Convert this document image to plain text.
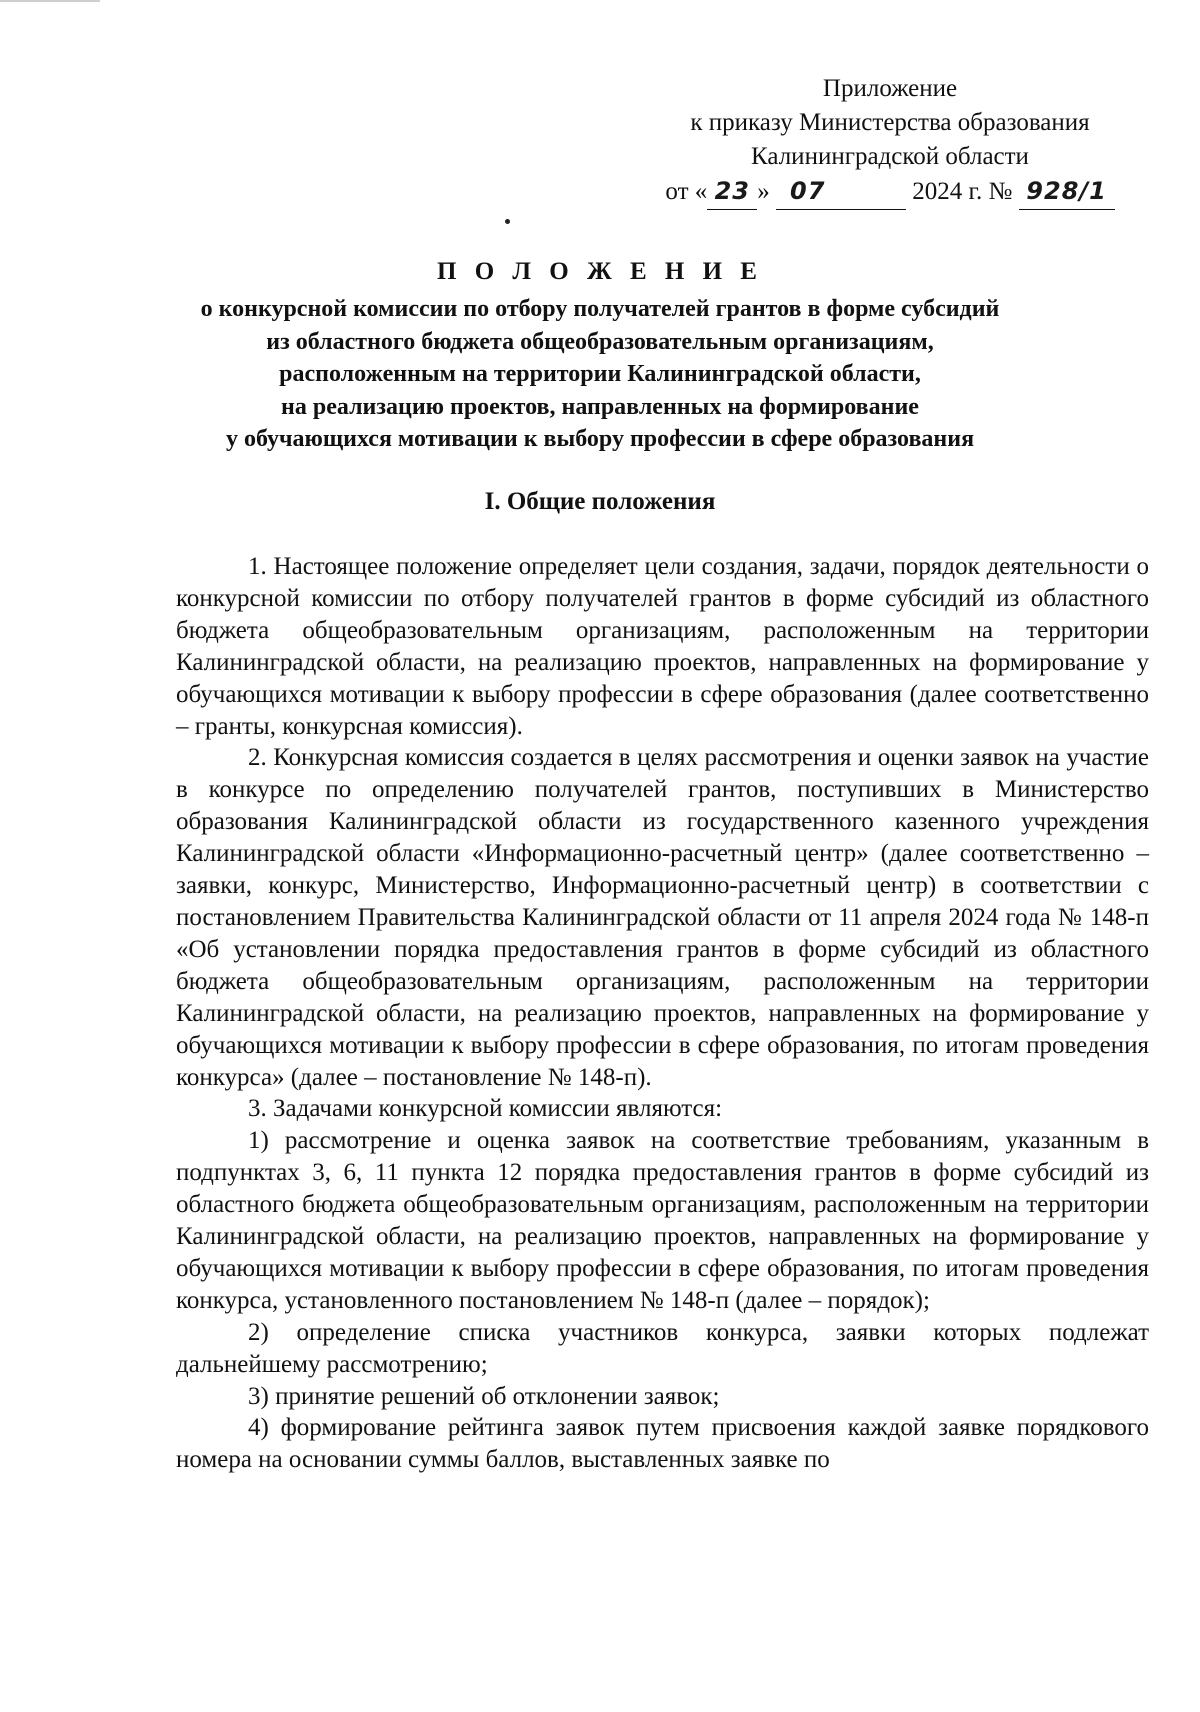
Приложение
к приказу Министерства образования
Калининградской области
от « 23 » 07	2024 г. № 928/1
П О Л О Ж Е Н И Е
о конкурсной комиссии по отбору получателей грантов в форме субсидий
из областного бюджета общеобразовательным организациям,
расположенным на территории Калининградской области,
на реализацию проектов, направленных на формирование
у обучающихся мотивации к выбору профессии в сфере образования
I. Общие положения

1. Настоящее положение определяет цели создания, задачи, порядок деятельности о конкурсной комиссии по отбору получателей грантов в форме субсидий из областного бюджета общеобразовательным организациям, расположенным на территории Калининградской области, на реализацию проектов, направленных на формирование у обучающихся мотивации к выбору профессии в сфере образования (далее соответственно – гранты, конкурсная комиссия).

2. Конкурсная комиссия создается в целях рассмотрения и оценки заявок на участие в конкурсе по определению получателей грантов, поступивших в Министерство образования Калининградской области из государственного казенного учреждения Калининградской области «Информационно-расчетный центр» (далее соответственно – заявки, конкурс, Министерство, Информационно-расчетный центр) в соответствии с постановлением Правительства Калининградской области от 11 апреля 2024 года № 148-п «Об установлении порядка предоставления грантов в форме субсидий из областного бюджета общеобразовательным организациям, расположенным на территории Калининградской области, на реализацию проектов, направленных на формирование у обучающихся мотивации к выбору профессии в сфере образования, по итогам проведения конкурса» (далее – постановление № 148-п).

3. Задачами конкурсной комиссии являются:

1) рассмотрение и оценка заявок на соответствие требованиям, указанным в подпунктах 3, 6, 11 пункта 12 порядка предоставления грантов в форме субсидий из областного бюджета общеобразовательным организациям, расположенным на территории Калининградской области, на реализацию проектов, направленных на формирование у обучающихся мотивации к выбору профессии в сфере образования, по итогам проведения конкурса, установленного постановлением № 148-п (далее – порядок);

2) определение списка участников конкурса, заявки которых подлежат дальнейшему рассмотрению;

3) принятие решений об отклонении заявок;

4) формирование рейтинга заявок путем присвоения каждой заявке порядкового номера на основании суммы баллов, выставленных заявке по
